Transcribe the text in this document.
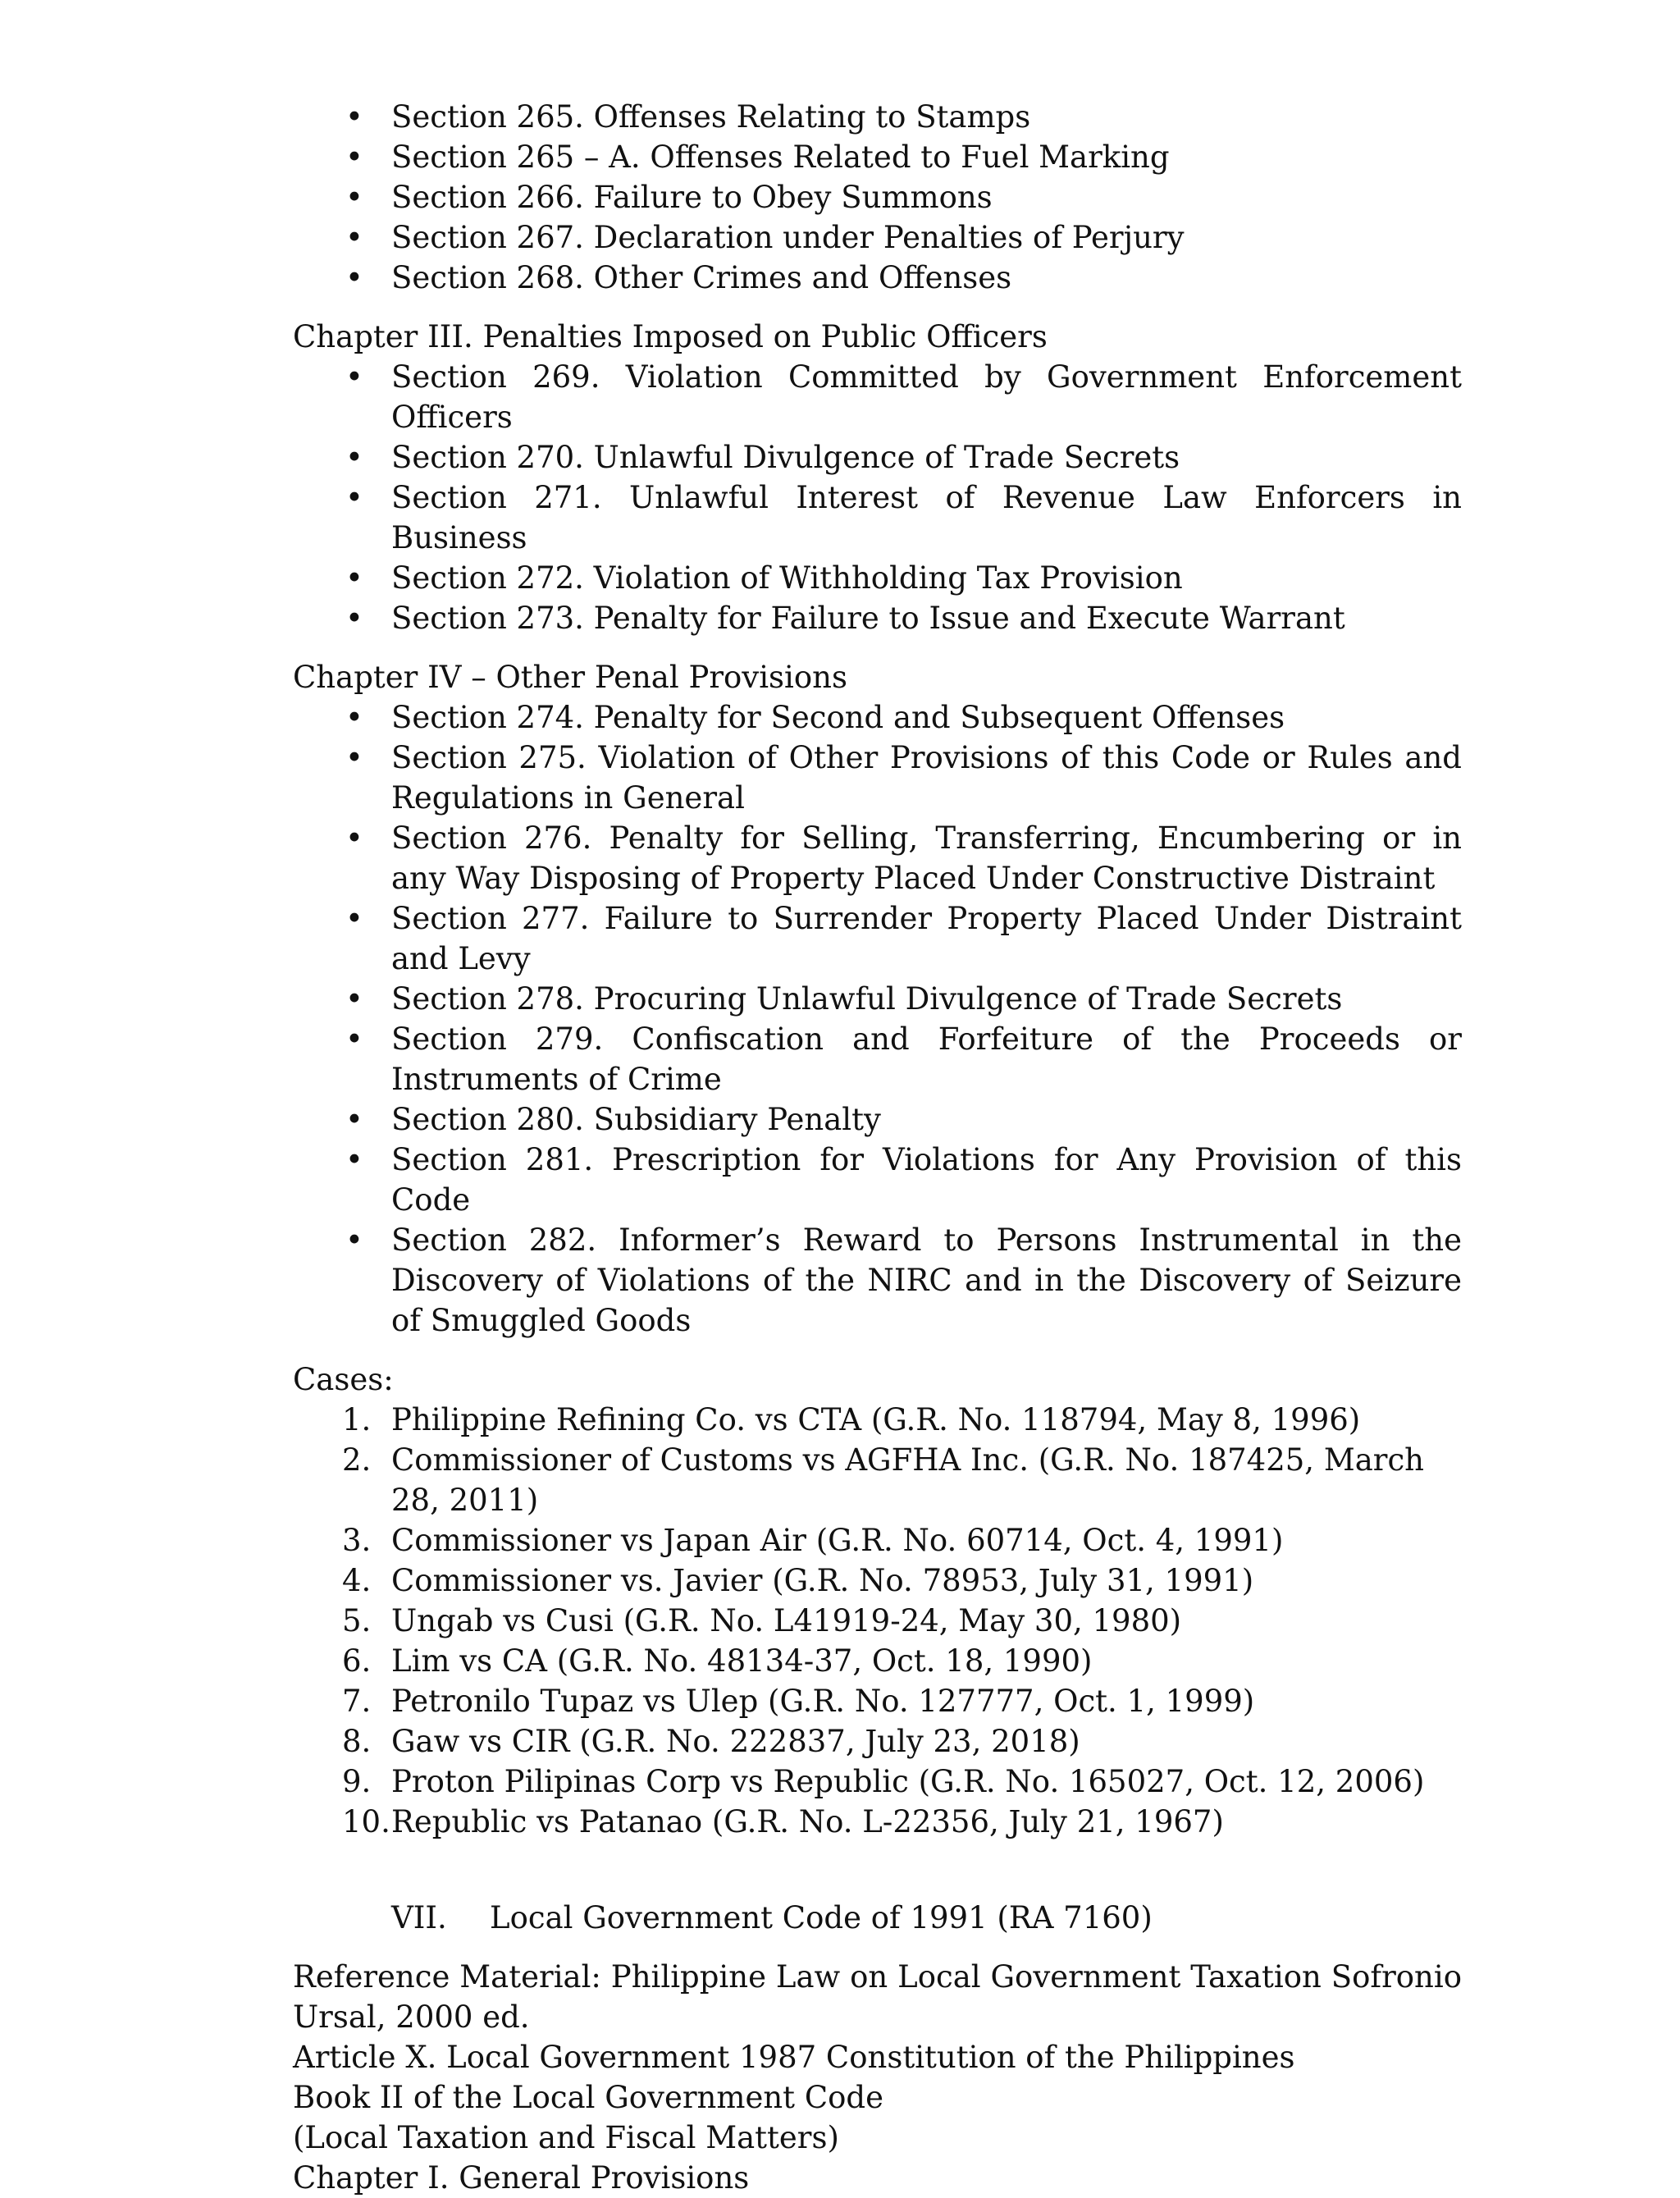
• Section 265. Offenses Relating to Stamps
• Section 265 – A. Offenses Related to Fuel Marking
• Section 266. Failure to Obey Summons
• Section 267. Declaration under Penalties of Perjury
• Section 268. Other Crimes and Offenses

Chapter III. Penalties Imposed on Public Officers

• Section 269. Violation Committed by Government Enforcement Officers
• Section 270. Unlawful Divulgence of Trade Secrets
• Section 271. Unlawful Interest of Revenue Law Enforcers in Business
• Section 272. Violation of Withholding Tax Provision
• Section 273. Penalty for Failure to Issue and Execute Warrant

Chapter IV – Other Penal Provisions

• Section 274. Penalty for Second and Subsequent Offenses
• Section 275. Violation of Other Provisions of this Code or Rules and Regulations in General
• Section 276. Penalty for Selling, Transferring, Encumbering or in any Way Disposing of Property Placed Under Constructive Distraint
• Section 277. Failure to Surrender Property Placed Under Distraint and Levy
• Section 278. Procuring Unlawful Divulgence of Trade Secrets
• Section 279. Confiscation and Forfeiture of the Proceeds or Instruments of Crime
• Section 280. Subsidiary Penalty
• Section 281. Prescription for Violations for Any Provision of this Code
• Section 282. Informer’s Reward to Persons Instrumental in the Discovery of Violations of the NIRC and in the Discovery of Seizure of Smuggled Goods

Cases:

1. Philippine Refining Co. vs CTA (G.R. No. 118794, May 8, 1996)
2. Commissioner of Customs vs AGFHA Inc. (G.R. No. 187425, March 28, 2011)
3. Commissioner vs Japan Air (G.R. No. 60714, Oct. 4, 1991)
4. Commissioner vs. Javier (G.R. No. 78953, July 31, 1991)
5. Ungab vs Cusi (G.R. No. L41919-24, May 30, 1980)
6. Lim vs CA (G.R. No. 48134-37, Oct. 18, 1990)
7. Petronilo Tupaz vs Ulep (G.R. No. 127777, Oct. 1, 1999)
8. Gaw vs CIR (G.R. No. 222837, July 23, 2018)
9. Proton Pilipinas Corp vs Republic (G.R. No. 165027, Oct. 12, 2006)
10. Republic vs Patanao (G.R. No. L-22356, July 21, 1967)
VII. Local Government Code of 1991 (RA 7160)

Reference Material: Philippine Law on Local Government Taxation Sofronio Ursal, 2000 ed.

Article X. Local Government 1987 Constitution of the Philippines

Book II of the Local Government Code

(Local Taxation and Fiscal Matters)

Chapter I. General Provisions
